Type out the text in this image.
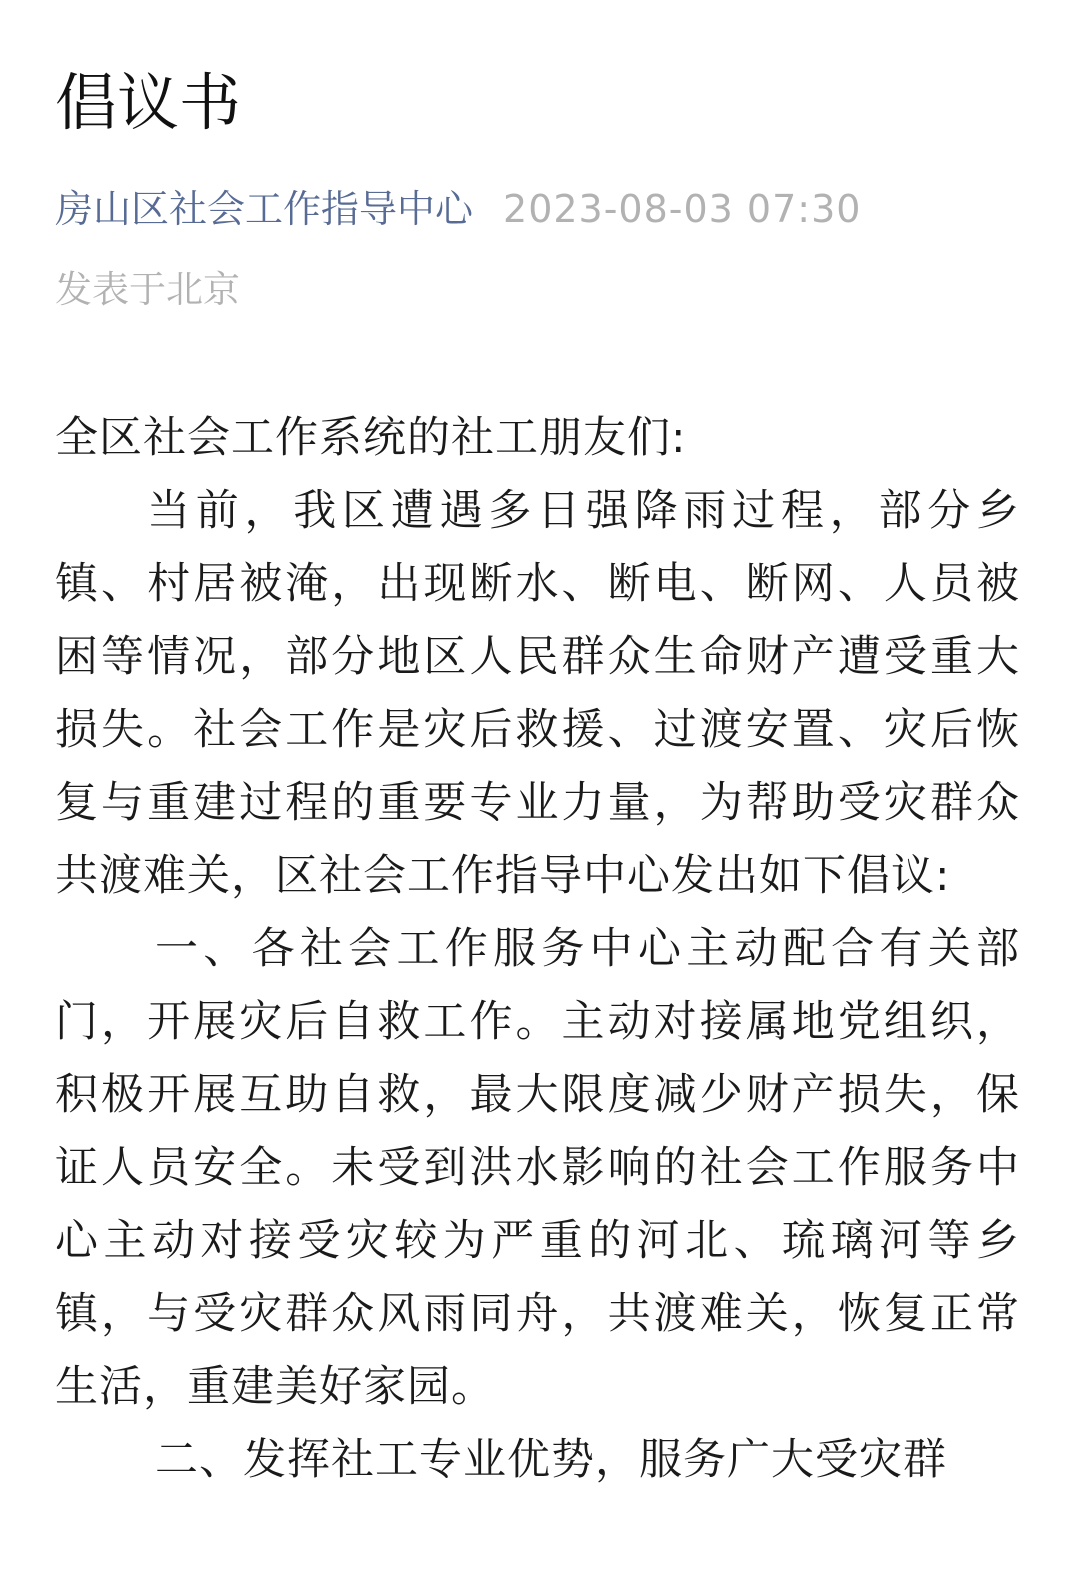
倡议书
房山区社会工作指导中心 2023-08-03 07:30
发表于北京

全区社会工作系统的社工朋友们:

当前，我区遭遇多日强降雨过程，部分乡镇、村居被淹，出现断水、断电、断网、人员被困等情况，部分地区人民群众生命财产遭受重大损失。社会工作是灾后救援、过渡安置、灾后恢复与重建过程的重要专业力量，为帮助受灾群众共渡难关，区社会工作指导中心发出如下倡议:

一、各社会工作服务中心主动配合有关部门，开展灾后自救工作。主动对接属地党组织，积极开展互助自救，最大限度减少财产损失，保证人员安全。未受到洪水影响的社会工作服务中心主动对接受灾较为严重的河北、琉璃河等乡镇，与受灾群众风雨同舟，共渡难关，恢复正常生活，重建美好家园。

二、发挥社工专业优势，服务广大受灾群
